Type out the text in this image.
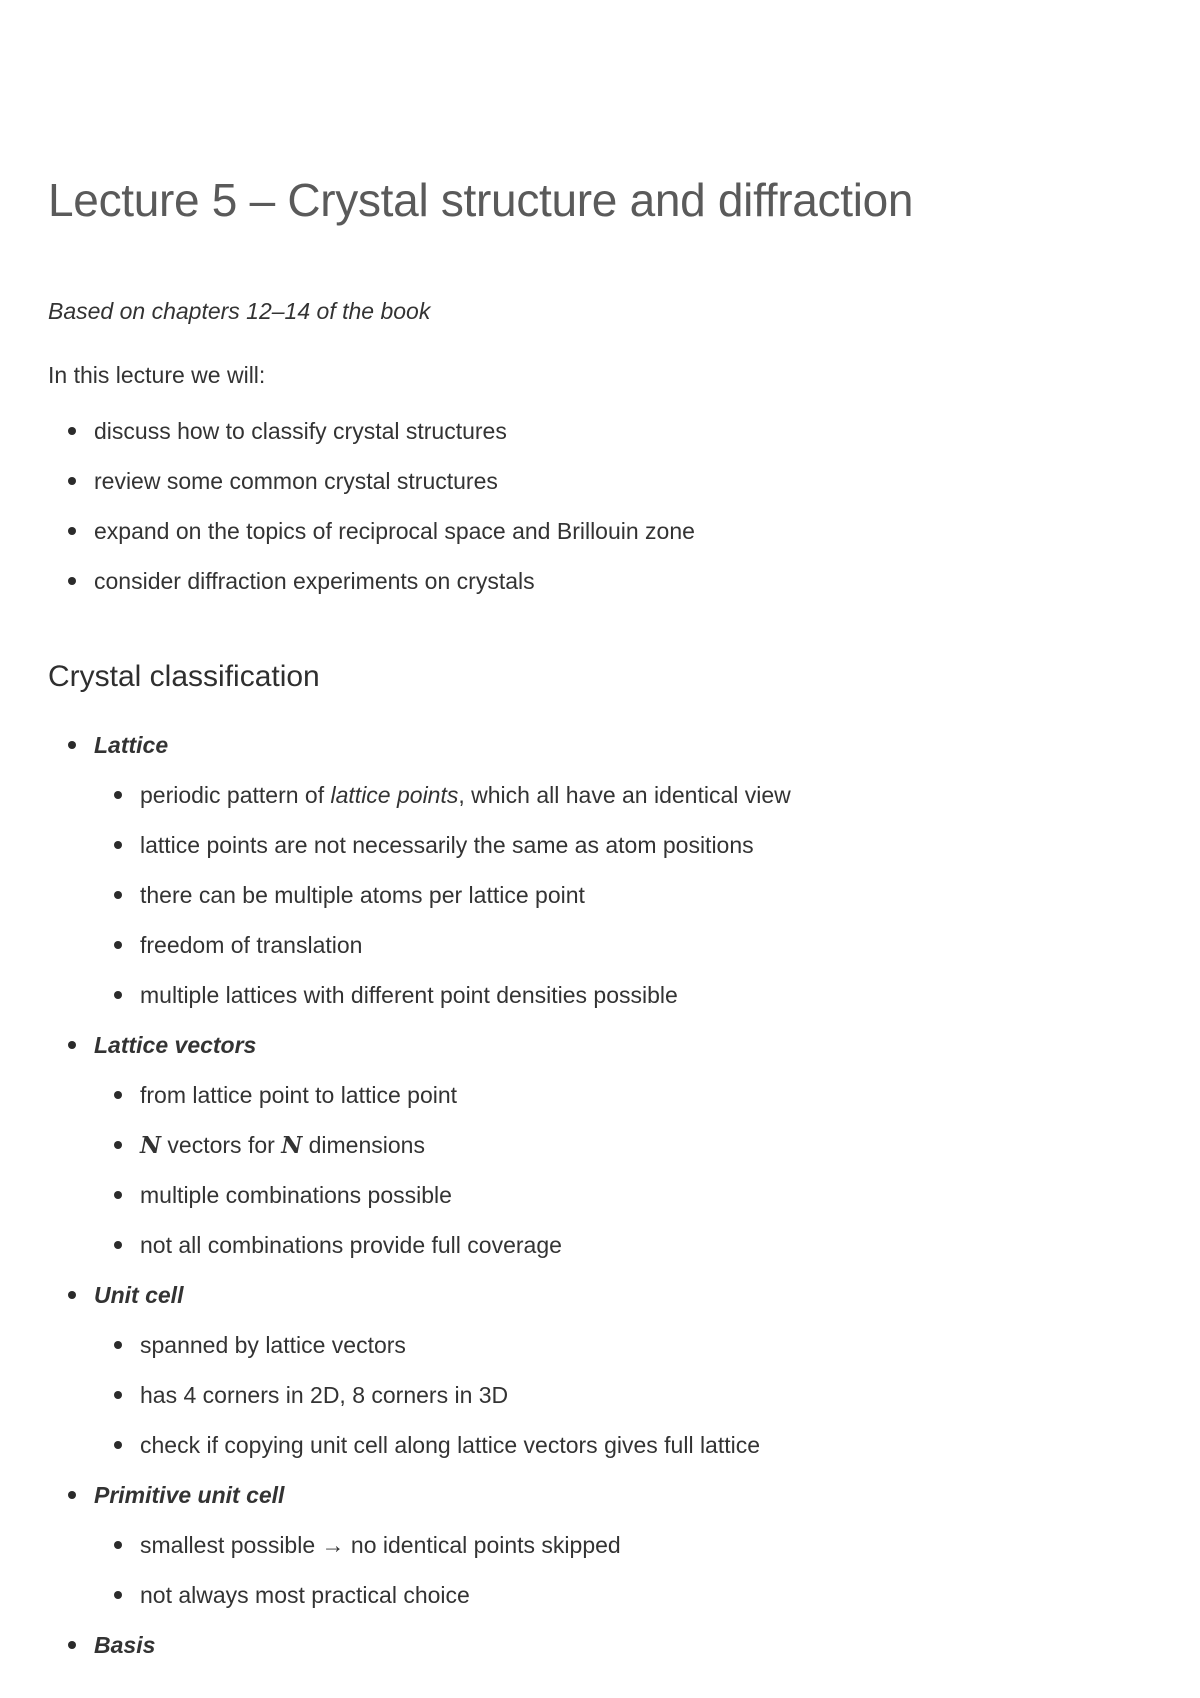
Lecture 5 – Crystal structure and diffraction

Based on chapters 12–14 of the book

In this lecture we will:

discuss how to classify crystal structures
review some common crystal structures
expand on the topics of reciprocal space and Brillouin zone
consider diffraction experiments on crystals
Crystal classification
Lattice
periodic pattern of lattice points, which all have an identical view
lattice points are not necessarily the same as atom positions
there can be multiple atoms per lattice point
freedom of translation
multiple lattices with different point densities possible
Lattice vectors
from lattice point to lattice point
N vectors for N dimensions
multiple combinations possible
not all combinations provide full coverage
Unit cell
spanned by lattice vectors
has 4 corners in 2D, 8 corners in 3D
check if copying unit cell along lattice vectors gives full lattice
Primitive unit cell
smallest possible → no identical points skipped
not always most practical choice
Basis
